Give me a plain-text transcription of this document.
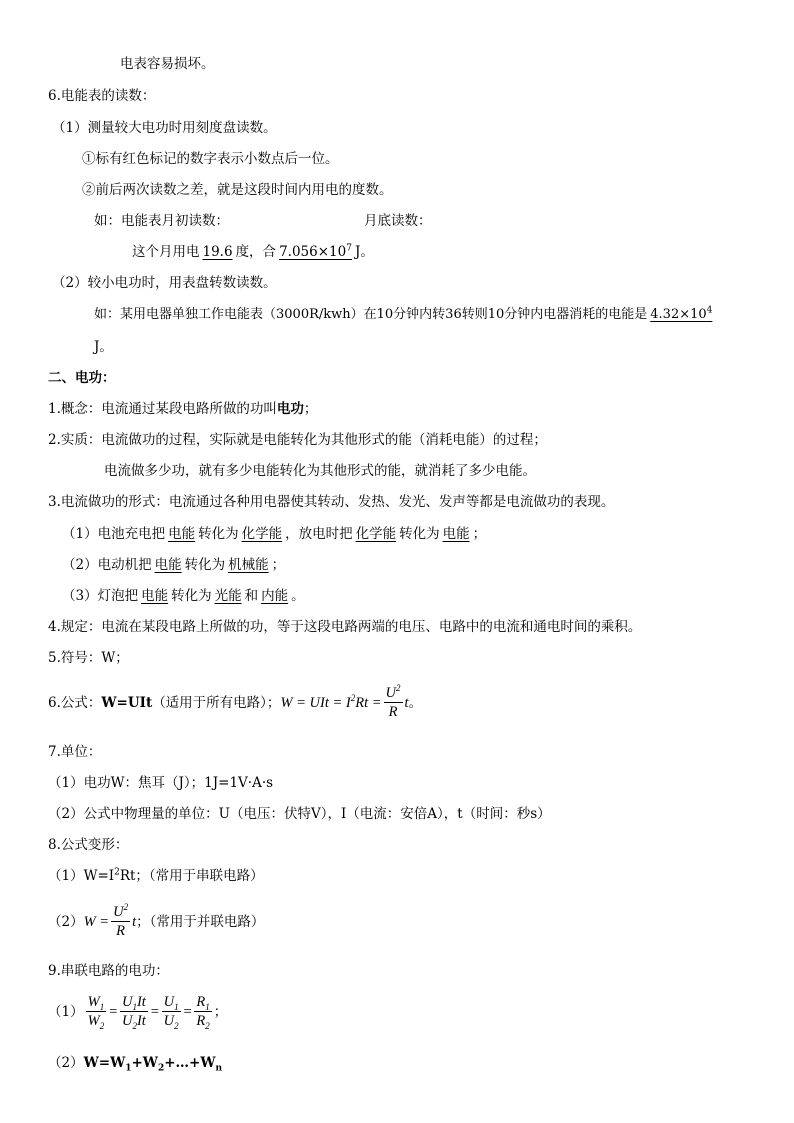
电表容易损坏。
6.电能表的读数：
（1）测量较大电功时用刻度盘读数。
①标有红色标记的数字表示小数点后一位。
②前后两次读数之差，就是这段时间内用电的度数。
如：电能表月初读数：	月底读数：
这个月用电 19.6 度，合 $7.056\times 10^7$ J。
（2）较小电功时，用表盘转数读数。
如：某用电器单独工作电能表（3000R/kwh）在10分钟内转36转则10分钟内电器消耗的电能是 $4.32\times 10^4$
J。
二、电功：
1.概念：电流通过某段电路所做的功叫电功；
2.实质：电流做功的过程，实际就是电能转化为其他形式的能（消耗电能）的过程；
电流做多少功，就有多少电能转化为其他形式的能，就消耗了多少电能。
3.电流做功的形式：电流通过各种用电器使其转动、发热、发光、发声等都是电流做功的表现。
（1）电池充电把 电能 转化为 化学能 ，放电时把 化学能 转化为 电能 ；
（2）电动机把 电能 转化为 机械能 ；
（3）灯泡把 电能 转化为 光能 和 内能 。
4.规定：电流在某段电路上所做的功，等于这段电路两端的电压、电路中的电流和通电时间的乘积。
5.符号：W；
6.公式： W=UIt （适用于所有电路）； W = UIt = $I^2Rt = \frac{U^2}{R}$ t 。
7.单位：
（1）电功W：焦耳（J）；1J=1V·A·s
（2）公式中物理量的单位：U（电压：伏特V），I（电流：安倍A），t（时间：秒s）
8.公式变形：
$(1)W=I^2Rt$；（常用于串联电路）
（2） $W = \frac{U^2}{R}$ t ；（常用于并联电路）
9.串联电路的电功：
$(1) \frac{W_1}{W_2} = \frac{U_1It}{U_2It} = \frac{U_1}{U_2} = \frac{R_1}{R_2}$ ；
$(2)W=W_1+W_2+\dots+W_n$
